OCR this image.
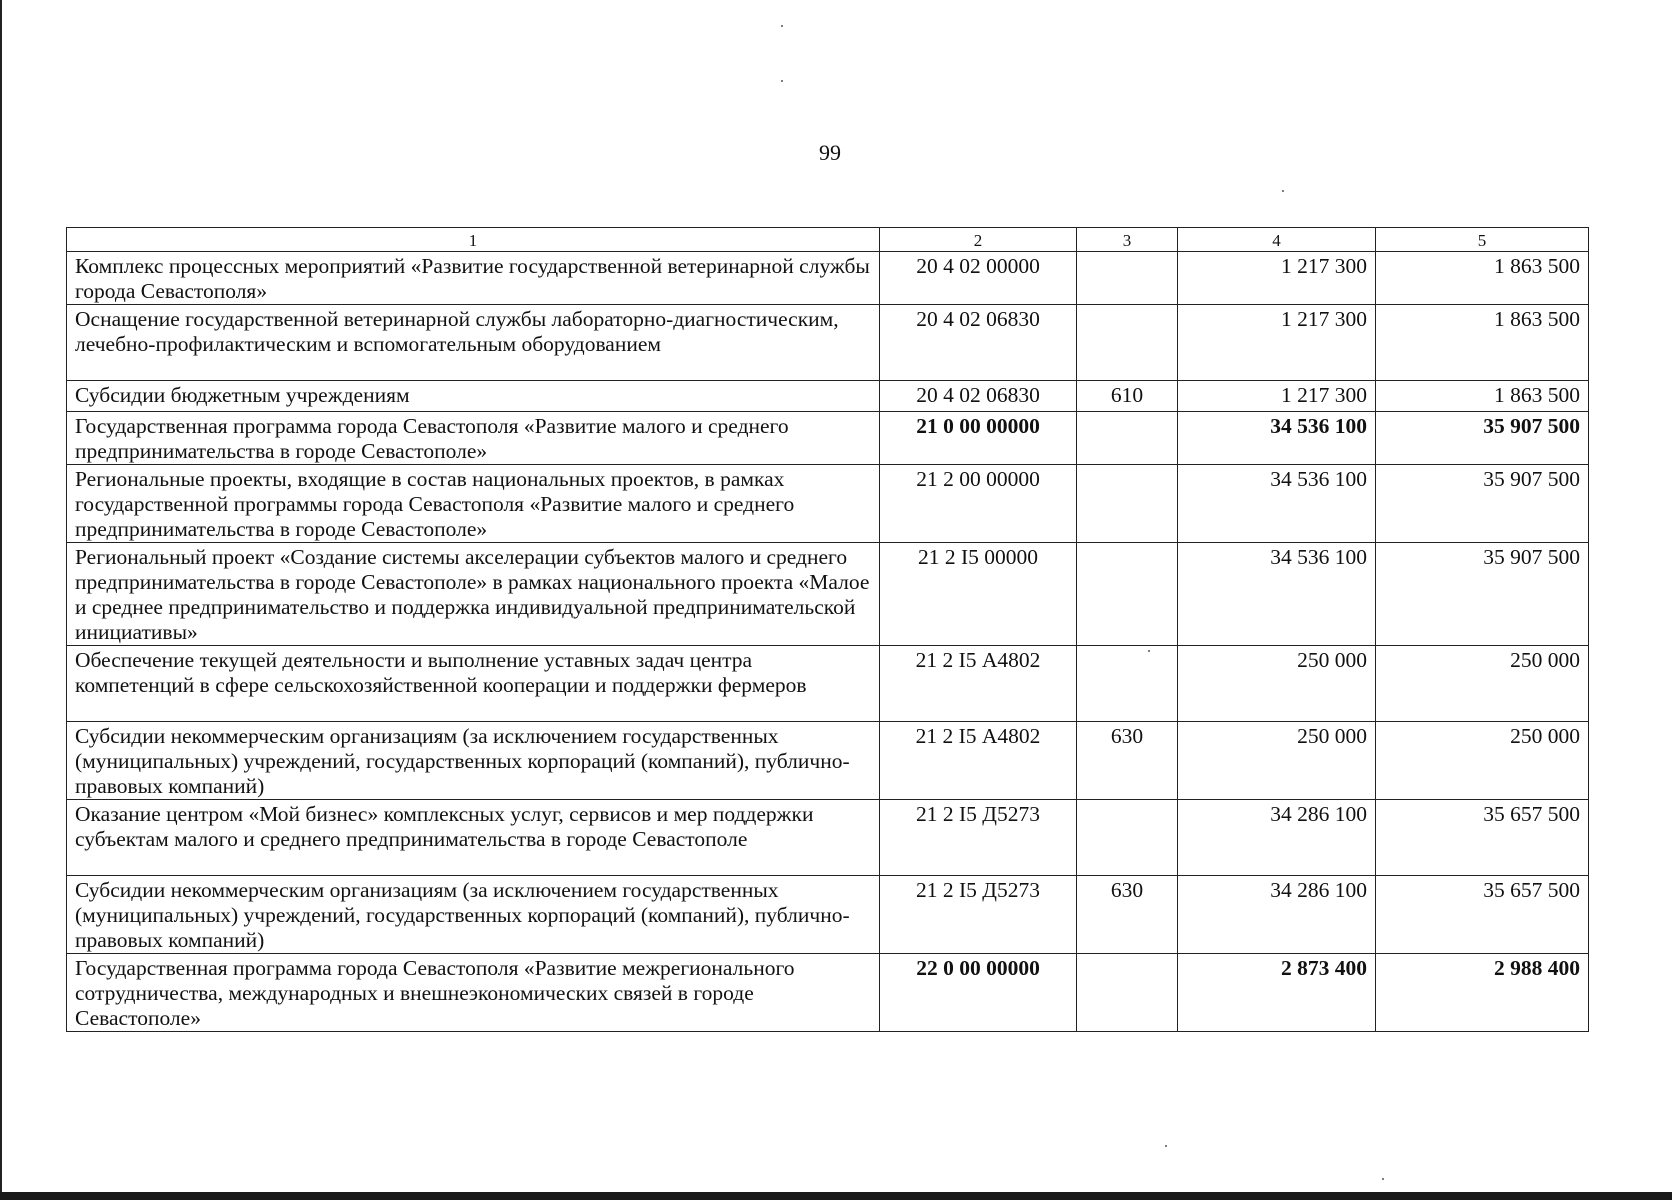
99
1	2	3	4	5
Комплекс процессных мероприятий «Развитие государственной ветеринарной службы города Севастополя»	20 4 02 00000		1 217 300	1 863 500
Оснащение государственной ветеринарной службы лабораторно-диагностическим, лечебно-профилактическим и вспомогательным оборудованием	20 4 02 06830		1 217 300	1 863 500
Субсидии бюджетным учреждениям	20 4 02 06830	610	1 217 300	1 863 500
Государственная программа города Севастополя «Развитие малого и среднего предпринимательства в городе Севастополе»	21 0 00 00000		34 536 100	35 907 500
Региональные проекты, входящие в состав национальных проектов, в рамках государственной программы города Севастополя «Развитие малого и среднего предпринимательства в городе Севастополе»	21 2 00 00000		34 536 100	35 907 500
Региональный проект «Создание системы акселерации субъектов малого и среднего предпринимательства в городе Севастополе» в рамках национального проекта «Малое и среднее предпринимательство и поддержка индивидуальной предпринимательской инициативы»	21 2 I5 00000		34 536 100	35 907 500
Обеспечение текущей деятельности и выполнение уставных задач центра компетенций в сфере сельскохозяйственной кооперации и поддержки фермеров	21 2 I5 А4802		250 000	250 000
Субсидии некоммерческим организациям (за исключением государственных (муниципальных) учреждений, государственных корпораций (компаний), публично-правовых компаний)	21 2 I5 А4802	630	250 000	250 000
Оказание центром «Мой бизнес» комплексных услуг, сервисов и мер поддержки субъектам малого и среднего предпринимательства в городе Севастополе	21 2 I5 Д5273		34 286 100	35 657 500
Субсидии некоммерческим организациям (за исключением государственных (муниципальных) учреждений, государственных корпораций (компаний), публично-правовых компаний)	21 2 I5 Д5273	630	34 286 100	35 657 500
Государственная программа города Севастополя «Развитие межрегионального сотрудничества, международных и внешнеэкономических связей в городе Севастополе»	22 0 00 00000		2 873 400	2 988 400
